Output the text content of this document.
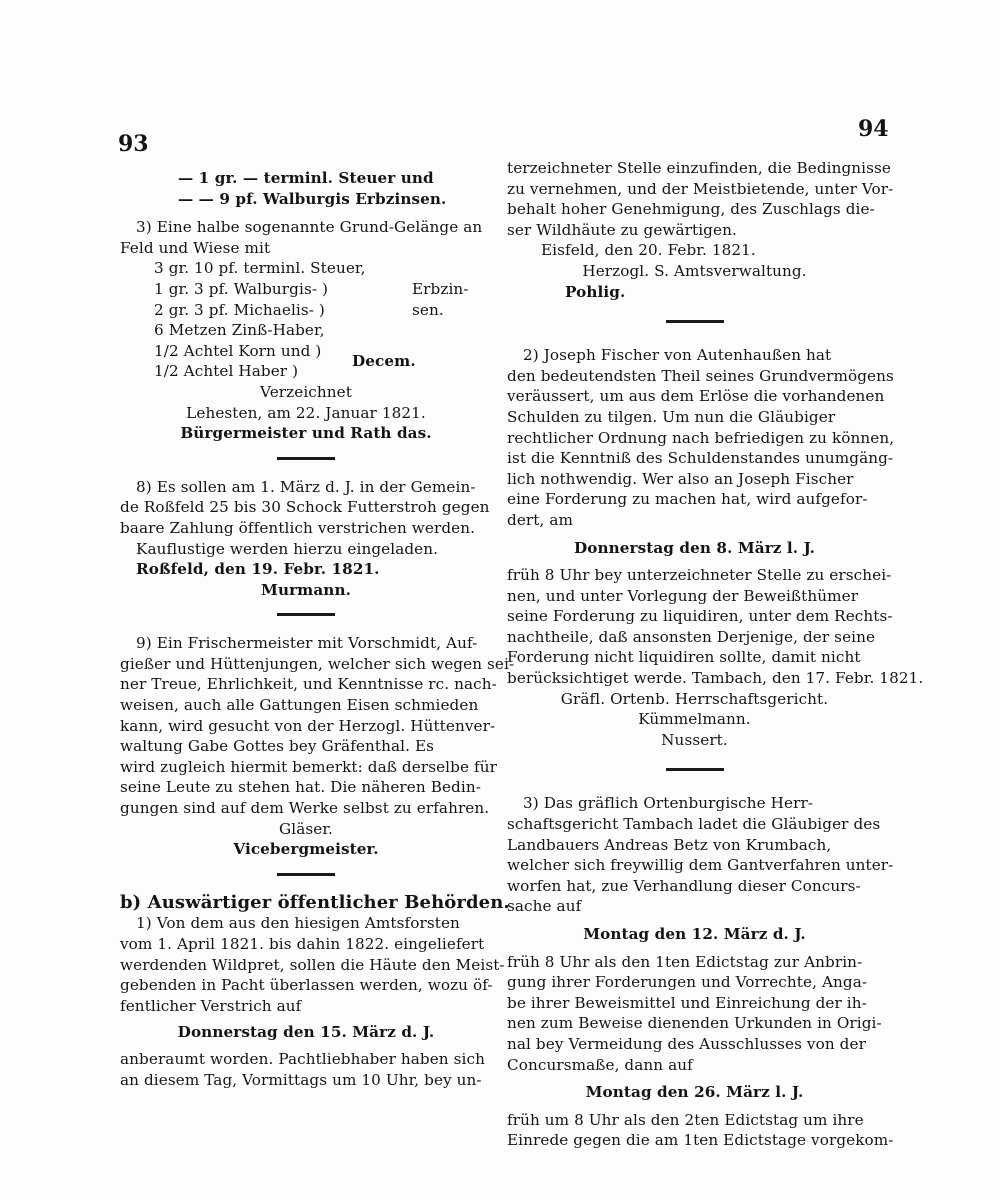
93
94

— 1 gr. — terminl. Steuer und

— — 9 pf. Walburgis Erbzinsen.

3) Eine halbe sogenannte Grund-Gelänge an

Feld und Wiese mit

3 gr. 10 pf. terminl. Steuer,

1 gr. 3 pf. Walburgis- )

2 gr. 3 pf. Michaelis- )

Erbzin-
sen.

6 Metzen Zinß-Haber,

1/2 Achtel Korn und )

1/2 Achtel Haber )

Decem.

Verzeichnet

Lehesten, am 22. Januar 1821.

Bürgermeister und Rath das.

8) Es sollen am 1. März d. J. in der Gemein-

de Roßfeld 25 bis 30 Schock Futterstroh gegen

baare Zahlung öffentlich verstrichen werden.

Kauflustige werden hierzu eingeladen.

Roßfeld, den 19. Febr. 1821.

Murmann.

9) Ein Frischermeister mit Vorschmidt, Auf-

gießer und Hüttenjungen, welcher sich wegen sei-

ner Treue, Ehrlichkeit, und Kenntnisse rc. nach-

weisen, auch alle Gattungen Eisen schmieden

kann, wird gesucht von der Herzogl. Hüttenver-

waltung Gabe Gottes bey Gräfenthal. Es

wird zugleich hiermit bemerkt: daß derselbe für

seine Leute zu stehen hat. Die näheren Bedin-

gungen sind auf dem Werke selbst zu erfahren.

Gläser.

Vicebergmeister.

b) Auswärtiger öffentlicher Behörden.

1) Von dem aus den hiesigen Amtsforsten

vom 1. April 1821. bis dahin 1822. eingeliefert

werdenden Wildpret, sollen die Häute den Meist-

gebenden in Pacht überlassen werden, wozu öf-

fentlicher Verstrich auf

Donnerstag den 15. März d. J.

anberaumt worden. Pachtliebhaber haben sich

an diesem Tag, Vormittags um 10 Uhr, bey un-

terzeichneter Stelle einzufinden, die Bedingnisse

zu vernehmen, und der Meistbietende, unter Vor-

behalt hoher Genehmigung, des Zuschlags die-

ser Wildhäute zu gewärtigen.

Eisfeld, den 20. Febr. 1821.

Herzogl. S. Amtsverwaltung.

Pohlig.

2) Joseph Fischer von Autenhaußen hat

den bedeutendsten Theil seines Grundvermögens

veräussert, um aus dem Erlöse die vorhandenen

Schulden zu tilgen. Um nun die Gläubiger

rechtlicher Ordnung nach befriedigen zu können,

ist die Kenntniß des Schuldenstandes unumgäng-

lich nothwendig. Wer also an Joseph Fischer

eine Forderung zu machen hat, wird aufgefor-

dert, am

Donnerstag den 8. März l. J.

früh 8 Uhr bey unterzeichneter Stelle zu erschei-

nen, und unter Vorlegung der Beweißthümer

seine Forderung zu liquidiren, unter dem Rechts-

nachtheile, daß ansonsten Derjenige, der seine

Forderung nicht liquidiren sollte, damit nicht

berücksichtiget werde. Tambach, den 17. Febr. 1821.

Gräfl. Ortenb. Herrschaftsgericht.

Kümmelmann.

Nussert.

3) Das gräflich Ortenburgische Herr-

schaftsgericht Tambach ladet die Gläubiger des

Landbauers Andreas Betz von Krumbach,

welcher sich freywillig dem Gantverfahren unter-

worfen hat, zue Verhandlung dieser Concurs-

sache auf

Montag den 12. März d. J.

früh 8 Uhr als den 1ten Edictstag zur Anbrin-

gung ihrer Forderungen und Vorrechte, Anga-

be ihrer Beweismittel und Einreichung der ih-

nen zum Beweise dienenden Urkunden in Origi-

nal bey Vermeidung des Ausschlusses von der

Concursmaße, dann auf

Montag den 26. März l. J.

früh um 8 Uhr als den 2ten Edictstag um ihre

Einrede gegen die am 1ten Edictstage vorgekom-
